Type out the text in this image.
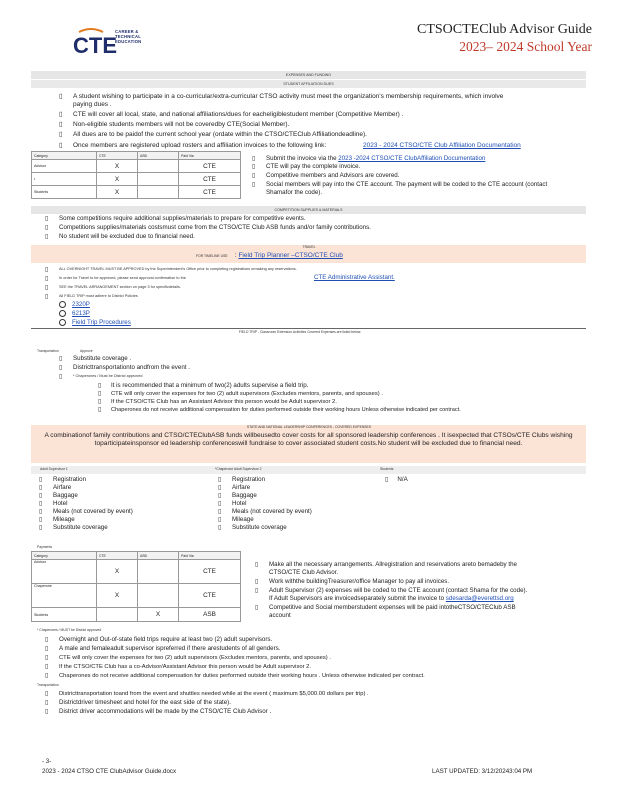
CTE
CAREER & TECHNICAL EDUCATION
CTSOCTEClub Advisor Guide
2023– 2024 School Year
EXPENSES AND FUNDING
STUDENT AFFILIATION DUES
▯ A student wishing to participate in a co-curricular/extra-curricular CTSO activity must meet the organization's membership requirements, which involve
paying dues .
▯ CTE will cover all local, state, and national affiliations/dues for eacheligiblestudent member (Competitive Member) .
▯ Non-eligible students members will not be coveredby CTE(Social Member).
▯ All dues are to be paidof the current school year (ordate within the CTSO/CTEClub Affiliationdeadline).
▯ Once members are registered upload rosters and affiliation invoices to the following link:	2023 - 2024 CTSO/CTE Club Affiliation Documentation
Category	CTE	ASB	Paid Via
Advisor	X		CTE
•	X		CTE
Students	X		CTE
▯ Submit the invoice via the 2023 -2024 CTSO/CTE ClubAffiliation Documentation
▯ CTE will pay the complete invoice.
▯ Competitive members and Advisors are covered.
▯ Social members will pay into the CTE account. The payment will be coded to the CTE account (contact
Shamafor the code).
COMPETITION SUPPLIES & MATERIALS
▯ Some competitions require additional supplies/materials to prepare for competitive events.
▯ Competitions supplies/materials costsmust come from the CTSO/CTE Club ASB funds and/or family contributions.
▯ No student will be excluded due to financial need.
TRAVEL
FOR TIMELINE USE    : Field Trip Planner –CTSO/CTE Club
▯	ALL OVERNIGHT TRAVEL MUST BE APPROVED by the Superintendent's Office prior to completing registrations ormaking any reservations.
▯	In order for Travel to be approved, please send approval confirmation to the	CTE Administrative Assistant.
▯	SEE the TRAVEL ARRANGEMENT section on page 3 for specificdetails.
▯	All FIELD TRIP must adhere to District Policies
2320P
6213P
Field Trip Procedures
FIELD TRIP - Classroom Extension Activities Covered Expenses are listed below:
Transportation	Approve
▯ Substitute coverage .
▯ Districttransportationto andfrom the event .
▯	* Chaperones / Must be District approved
▯ It is recommended that a minimum of two(2) adults supervise a field trip.
▯ CTE will only cover the expenses for two (2) adult supervisors (Excludes mentors, parents, and spouses) .
▯ If the CTSO/CTE Club has an Assistant Advisor this person would be Adult supervisor 2.
▯ Chaperones do not receive additional compensation for duties performed outside their working hours Unless otherwise indicated per contract.
STATE AND NATIONAL LEADERSHIP CONFERENCES - COVERED EXPENSES
A combinationof family contributions and CTSO/CTEClubASB funds willbeusedto cover costs for all sponsored leadership conferences . It isexpected that CTSOs/CTE Clubs wishing toparticipateinsponsor ed leadership conferenceswill fundraise to cover associated student costs.No student will be excluded due to financial need.
Adult Supervisor 1	*Chaperone Adult Supervisor 2	Students
▯ Registration
▯ Airfare
▯ Baggage
▯ Hotel
▯ Meals (not covered by event)
▯ Mileage
▯ Substitute coverage
▯ Registration
▯ Airfare
▯ Baggage
▯ Hotel
▯ Meals (not covered by event)
▯ Mileage
▯ Substitute coverage
▯ N/A
Payments
Category	CTE	ASB	Paid Via
Advisor	X		CTE
Chaperone	X		CTE
Students		X	ASB
▯ Make all the necessary arrangements. Allregistration and reservations areto bemadeby the
CTSO/CTE Club Advisor.
▯ Work withthe buildingTreasurer/office Manager to pay all invoices.
▯ Adult Supervisor (2) expenses will be coded to the CTE account (contact Shama for the code).
If Adult Supervisors are invoicedseparately submit the invoice to sdesarda@everettsd.org
▯ Competitive and Social memberstudent expenses will be paid intotheCTSO/CTEClub ASB
account
* Chaperones / MUST be District approved
▯ Overnight and Out-of-state field trips require at least two (2) adult supervisors.
▯ A male and femaleadult supervisor ispreferred if there arestudents of all genders.
▯ CTE will only cover the expenses for two (2) adult supervisors (Excludes mentors, parents, and spouses) .
▯ If the CTSO/CTE Club has a co-Advisor/Assistant Advisor this person would be Adult supervisor 2.
▯ Chaperones do not receive additional compensation for duties performed outside their working hours . Unless otherwise indicated per contract.
Transportation
▯ Districttransportation toand from the event and shuttles needed while at the event ( maximum $5,000.00 dollars per trip) .
▯ Districtdriver timesheet and hotel for the east side of the state).
▯ District driver accommodations will be made by the CTSO/CTE Club Advisor .
- 3-
2023 - 2024 CTSO CTE ClubAdvisor Guide.docx	LAST UPDATED: 3/12/20243:04 PM
